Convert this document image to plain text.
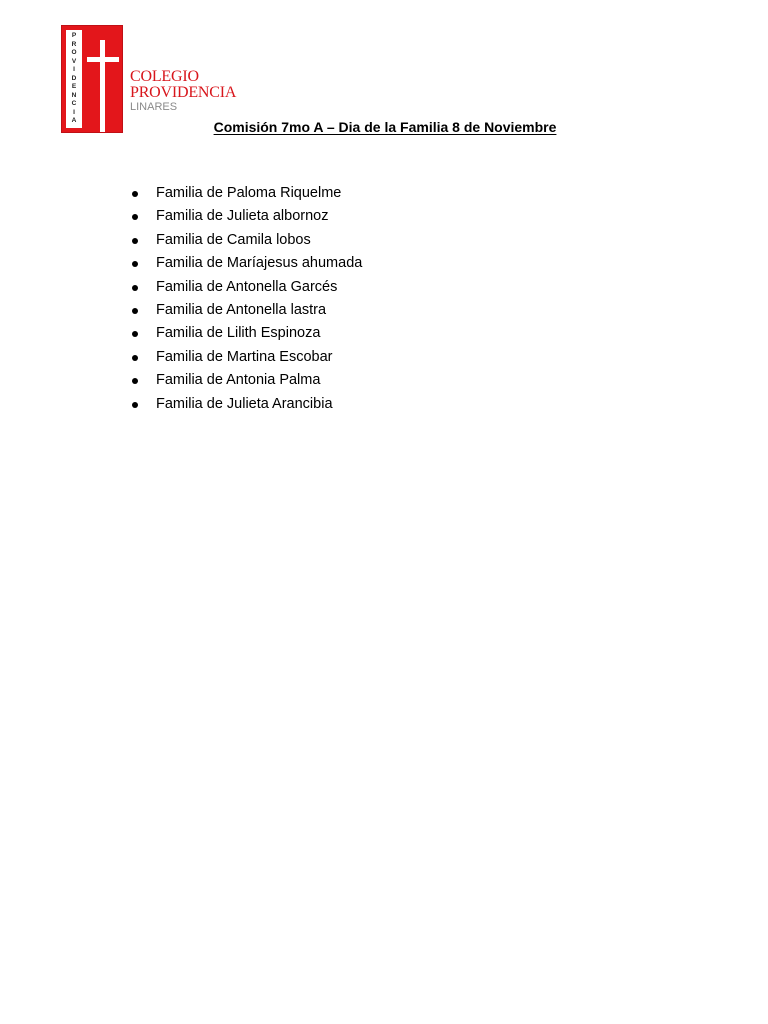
P
R
O
V
I
D
E
N
C
I
A
COLEGIO
PROVIDENCIA
LINARES
Comisión 7mo A – Dia de la Familia 8 de Noviembre
Familia de Paloma Riquelme
Familia de Julieta albornoz
Familia de Camila lobos
Familia de Maríajesus ahumada
Familia de Antonella Garcés
Familia de Antonella lastra
Familia de Lilith Espinoza
Familia de Martina Escobar
Familia de Antonia Palma
Familia de Julieta Arancibia
